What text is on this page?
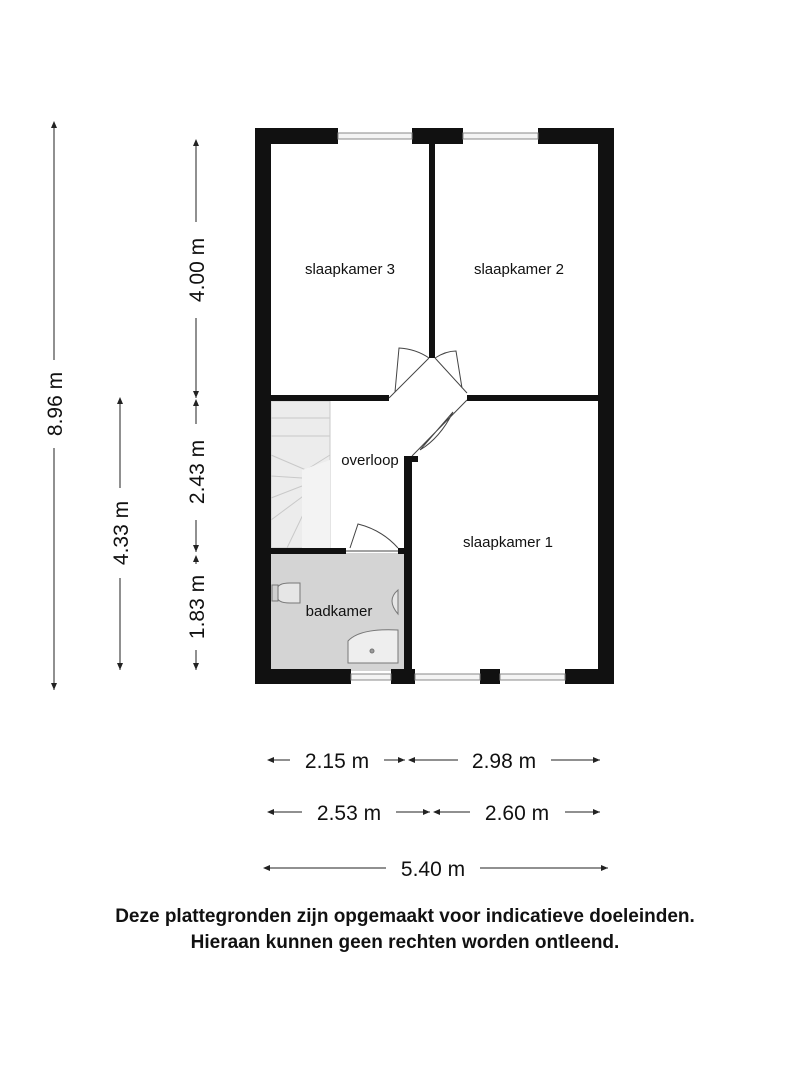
slaapkamer 3	slaapkamer 2
overloop
slaapkamer 1
badkamer
8.96 m
4.33 m
4.00 m
2.43 m
1.83 m
2.15 m	2.98 m
2.53 m	2.60 m
5.40 m
Deze plattegronden zijn opgemaakt voor indicatieve doeleinden.
Hieraan kunnen geen rechten worden ontleend.
